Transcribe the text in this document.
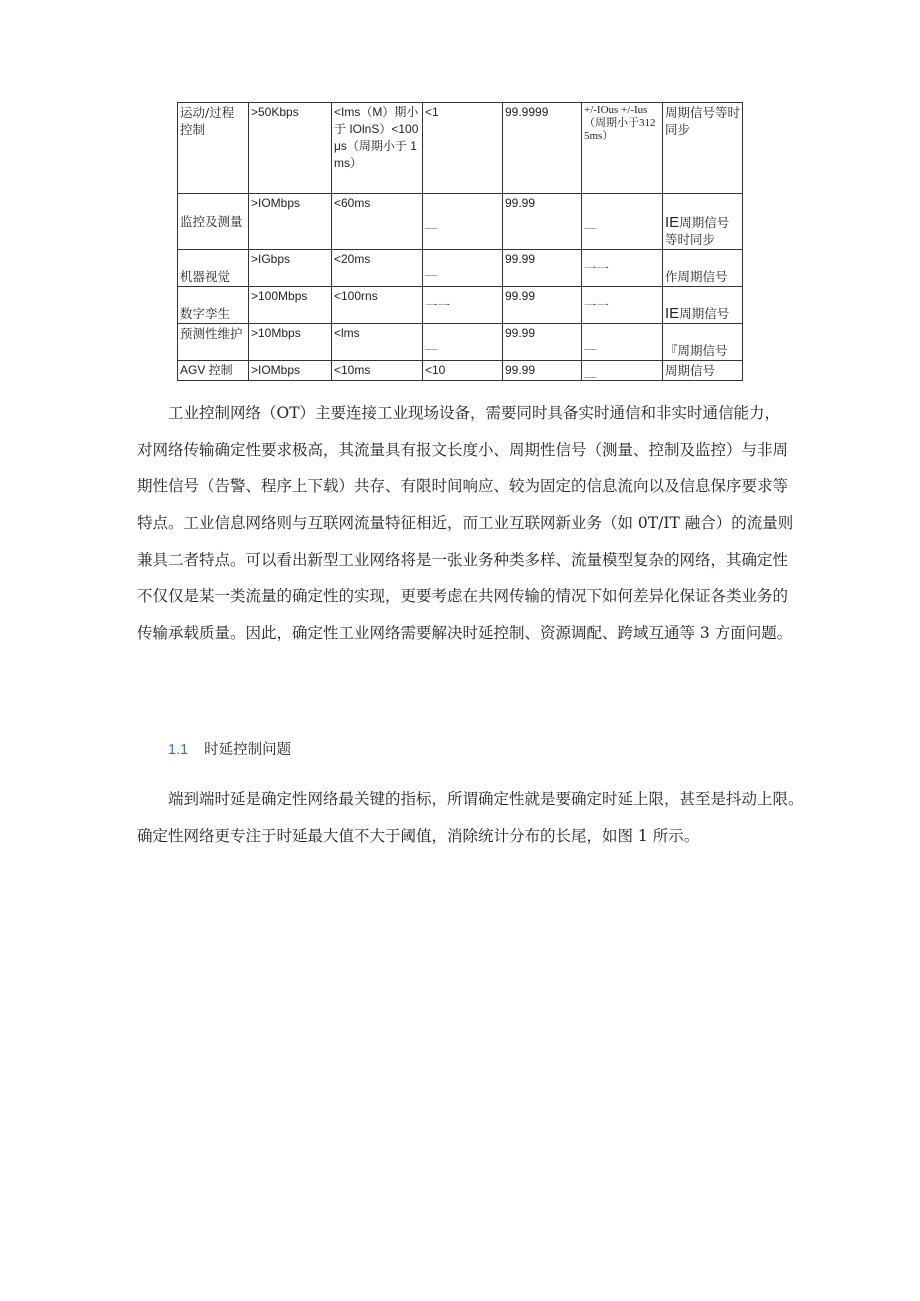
运动/过程控制	>50Kbps	<Ims（M）期小于 IOlnS）<100μs（周期小于 1ms）	<1	99.9999	+/-IOus +/-Ius（周期小于3125ms）	周期信号等时同步
监控及测量	>IOMbps	<60ms	__	99.99	__	IE周期信号等时同步
机器视觉	>IGbps	<20ms	__	99.99	一一	作周期信号
数字孪生	>100Mbps	<100rns	一一	99.99	一一	IE周期信号
预测性维护	>10Mbps	<lms	__	99.99	__	『周期信号
AGV 控制	>IOMbps	<10ms	<10	99.99	__	周期信号

工业控制网络（OT）主要连接工业现场设备，需要同时具备实时通信和非实时通信能力，

对网络传输确定性要求极高，其流量具有报文长度小、周期性信号（测量、控制及监控）与非周

期性信号（告警、程序上下载）共存、有限时间响应、较为固定的信息流向以及信息保序要求等

特点。工业信息网络则与互联网流量特征相近，而工业互联网新业务（如 0T/IT 融合）的流量则

兼具二者特点。可以看出新型工业网络将是一张业务种类多样、流量模型复杂的网络，其确定性

不仅仅是某一类流量的确定性的实现，更要考虑在共网传输的情况下如何差异化保证各类业务的

传输承载质量。因此，确定性工业网络需要解决时延控制、资源调配、跨域互通等 3 方面问题。

1.1 时延控制问题

端到端时延是确定性网络最关键的指标，所谓确定性就是要确定时延上限，甚至是抖动上限。

确定性网络更专注于时延最大值不大于阈值，消除统计分布的长尾，如图 1 所示。
